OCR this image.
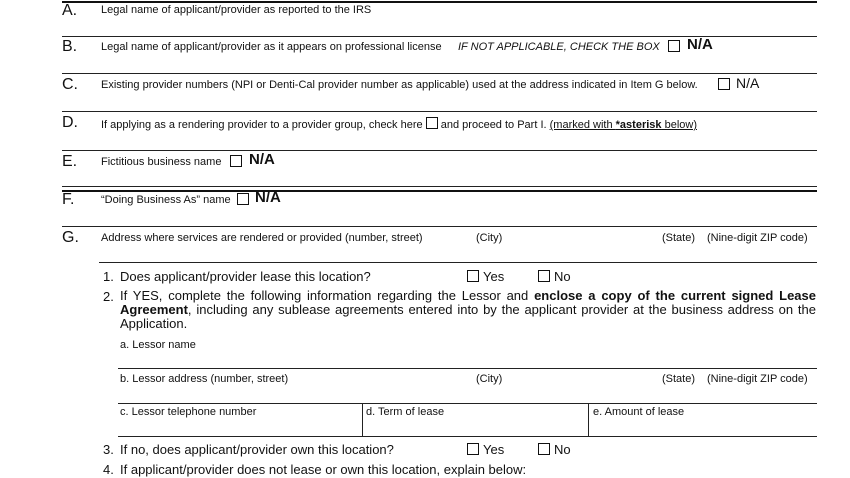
A. Legal name of applicant/provider as reported to the IRS
B. Legal name of applicant/provider as it appears on professional license IF NOT APPLICABLE, CHECK THE BOX N/A
C. Existing provider numbers (NPI or Denti-Cal provider number as applicable) used at the address indicated in Item G below.	N/A
D. If applying as a rendering provider to a provider group, check here and proceed to Part I. (marked with *asterisk below)
E. Fictitious business name N/A
F. “Doing Business As” name N/A
G. Address where services are rendered or provided (number, street)	(City)	(State) (Nine-digit ZIP code)
1. Does applicant/provider lease this location?	Yes	No
2. If YES, complete the following information regarding the Lessor and enclose a copy of the current signed Lease Agreement, including any sublease agreements entered into by the applicant provider at the business address on the Application.
a. Lessor name
b. Lessor address (number, street)	(City)	(State) (Nine-digit ZIP code)
c. Lessor telephone number	d. Term of lease	e. Amount of lease
3. If no, does applicant/provider own this location?	Yes	No
4. If applicant/provider does not lease or own this location, explain below:
